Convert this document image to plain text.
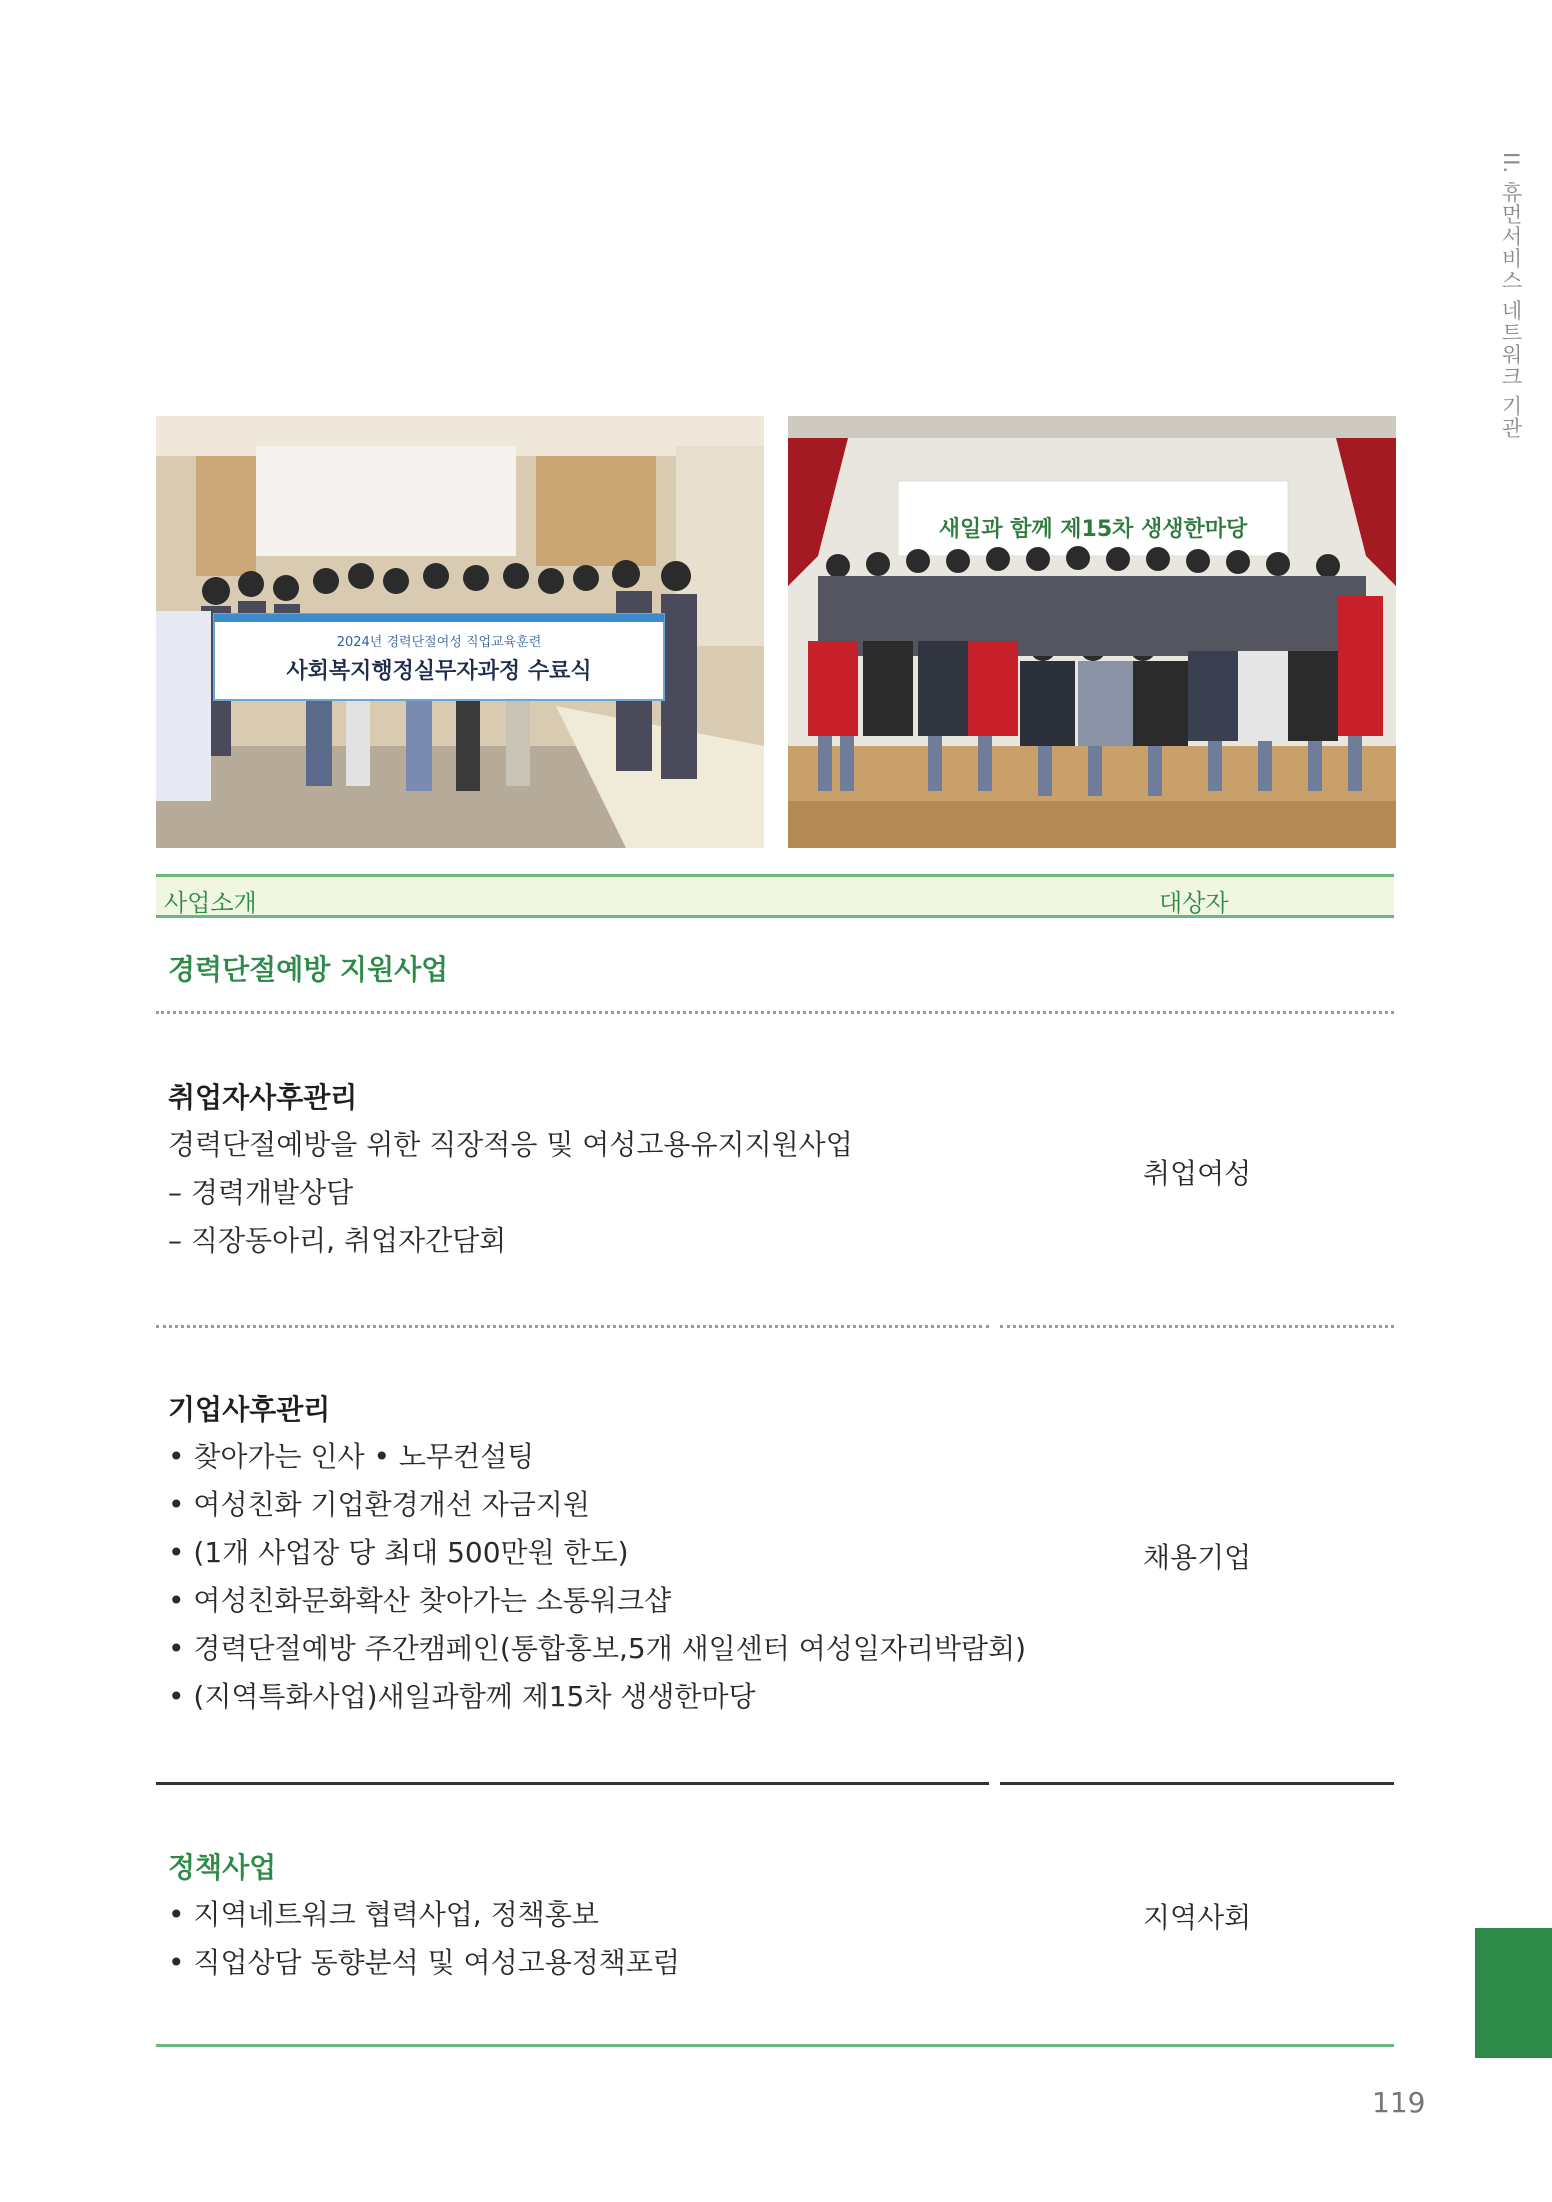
II. 휴먼서비스 네트워크 기관
2024년 경력단절여성 직업교육훈련
사회복지행정실무자과정 수료식
새일과 함께 제15차 생생한마당
사업소개	대상자
경력단절예방 지원사업
취업자사후관리
경력단절예방을 위한 직장적응 및 여성고용유지지원사업
– 경력개발상담
– 직장동아리, 취업자간담회
취업여성
기업사후관리
• 찾아가는 인사 • 노무컨설팅
• 여성친화 기업환경개선 자금지원
• (1개 사업장 당 최대 500만원 한도)
• 여성친화문화확산 찾아가는 소통워크샵
• 경력단절예방 주간캠페인(통합홍보,5개 새일센터 여성일자리박람회)
• (지역특화사업)새일과함께 제15차 생생한마당
채용기업
정책사업
• 지역네트워크 협력사업, 정책홍보
• 직업상담 동향분석 및 여성고용정책포럼
지역사회
119
